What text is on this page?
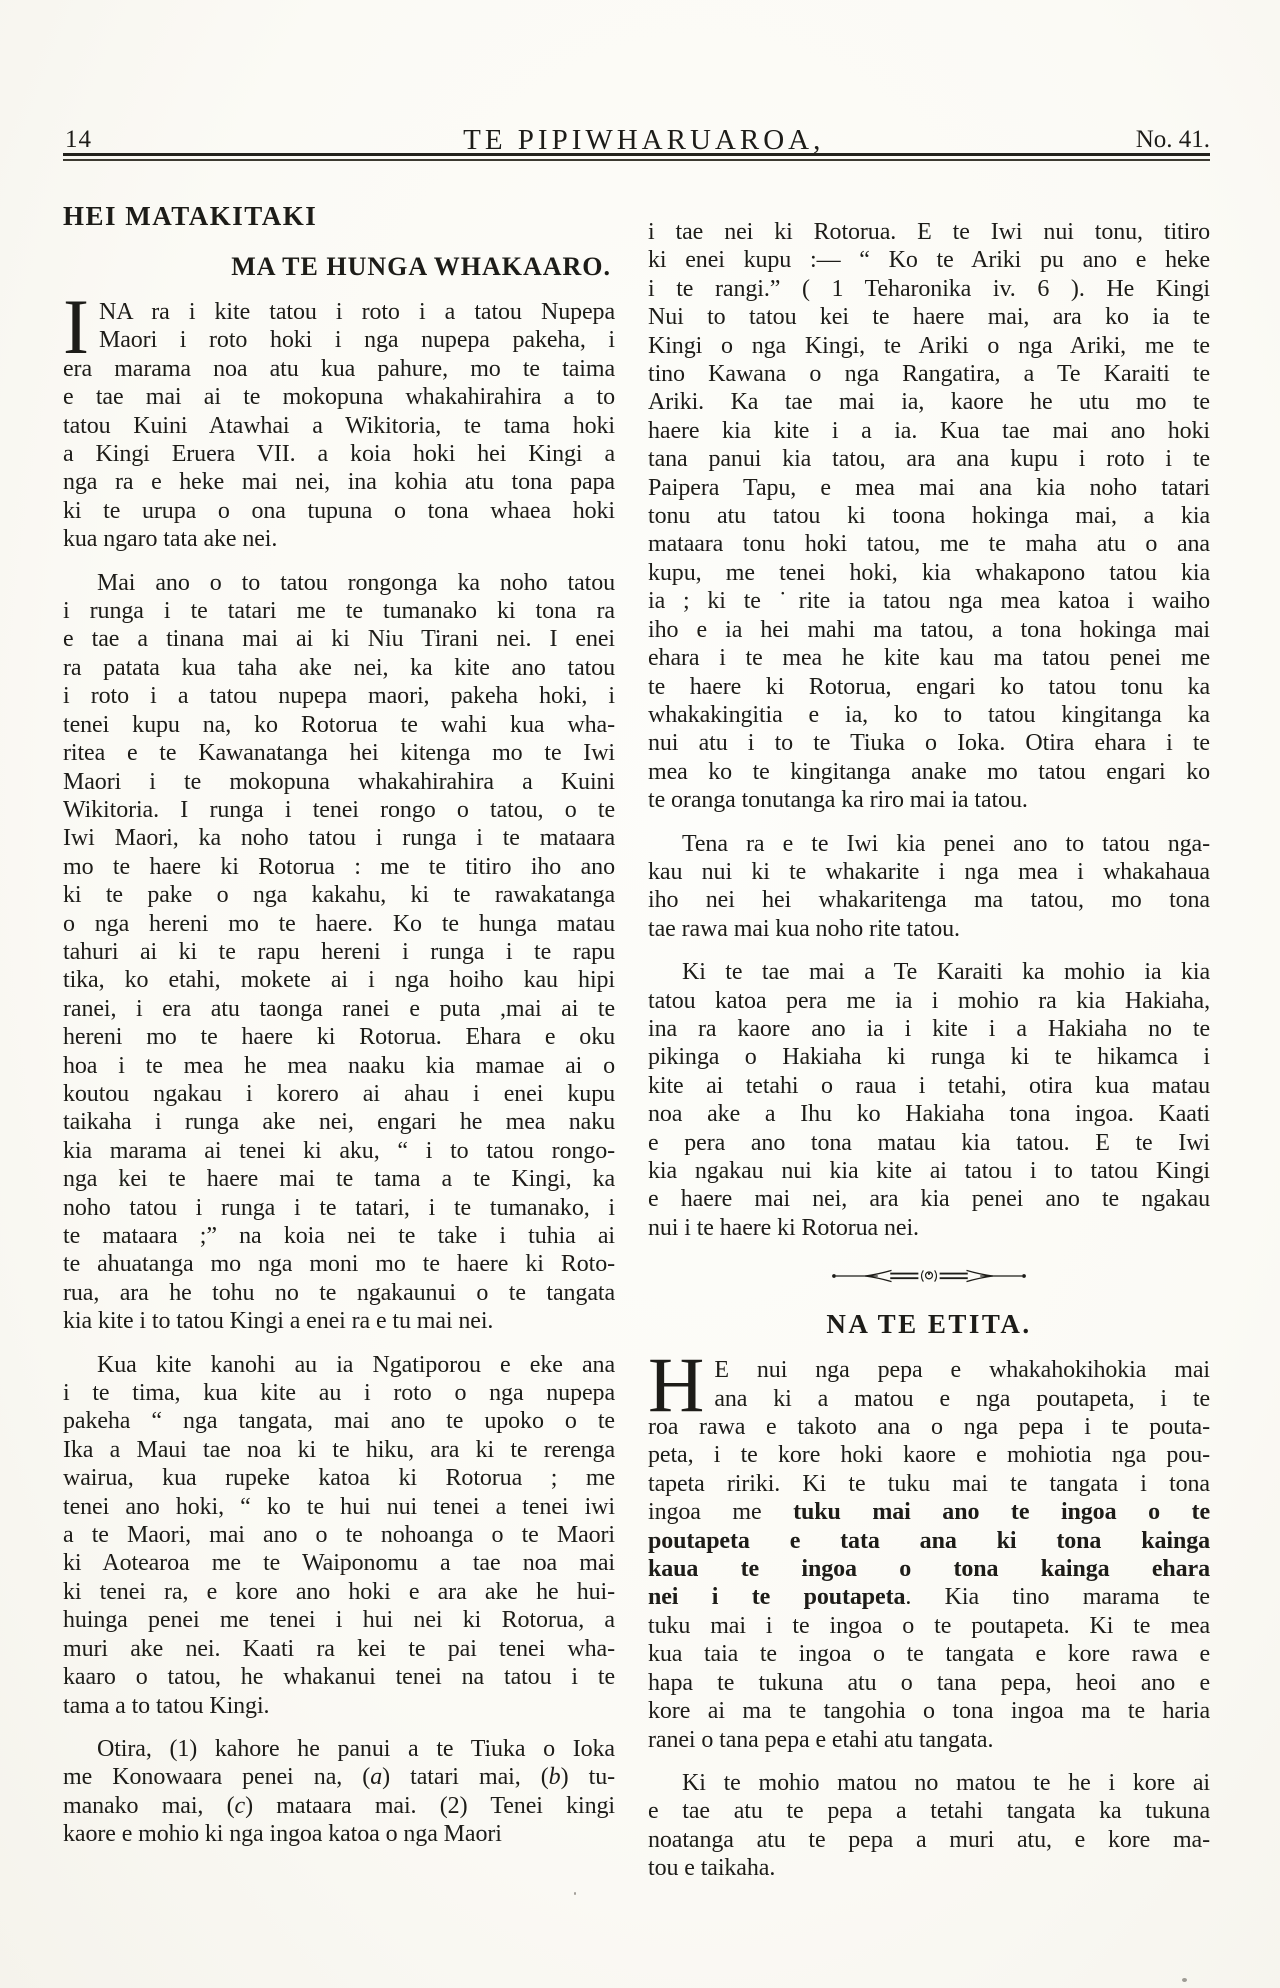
14	TE PIPIWHARUAROA,	No. 41.
HEI MATAKITAKI
MA TE HUNGA WHAKAARO.
I NA ra i kite tatou i roto i a tatou Nupepa
Maori i roto hoki i nga nupepa pakeha, i
era marama noa atu kua pahure, mo te taima
e tae mai ai te mokopuna whakahirahira a to
tatou Kuini Atawhai a Wikitoria, te tama hoki
a Kingi Eruera VII. a koia hoki hei Kingi a
nga ra e heke mai nei, ina kohia atu tona papa
ki te urupa o ona tupuna o tona whaea hoki
kua ngaro tata ake nei.
Mai ano o to tatou rongonga ka noho tatou
i runga i te tatari me te tumanako ki tona ra
e tae a tinana mai ai ki Niu Tirani nei. I enei
ra patata kua taha ake nei, ka kite ano tatou
i roto i a tatou nupepa maori, pakeha hoki, i
tenei kupu na, ko Rotorua te wahi kua wha-
ritea e te Kawanatanga hei kitenga mo te Iwi
Maori i te mokopuna whakahirahira a Kuini
Wikitoria. I runga i tenei rongo o tatou, o te
Iwi Maori, ka noho tatou i runga i te mataara
mo te haere ki Rotorua : me te titiro iho ano
ki te pake o nga kakahu, ki te rawakatanga
o nga hereni mo te haere. Ko te hunga matau
tahuri ai ki te rapu hereni i runga i te rapu
tika, ko etahi, mokete ai i nga hoiho kau hipi
ranei, i era atu taonga ranei e puta ,mai ai te
hereni mo te haere ki Rotorua. Ehara e oku
hoa i te mea he mea naaku kia mamae ai o
koutou ngakau i korero ai ahau i enei kupu
taikaha i runga ake nei, engari he mea naku
kia marama ai tenei ki aku, “ i to tatou rongo-
nga kei te haere mai te tama a te Kingi, ka
noho tatou i runga i te tatari, i te tumanako, i
te mataara ;” na koia nei te take i tuhia ai
te ahuatanga mo nga moni mo te haere ki Roto-
rua, ara he tohu no te ngakaunui o te tangata
kia kite i to tatou Kingi a enei ra e tu mai nei.
Kua kite kanohi au ia Ngatiporou e eke ana
i te tima, kua kite au i roto o nga nupepa
pakeha “ nga tangata, mai ano te upoko o te
Ika a Maui tae noa ki te hiku, ara ki te rerenga
wairua, kua rupeke katoa ki Rotorua ; me
tenei ano hoki, “ ko te hui nui tenei a tenei iwi
a te Maori, mai ano o te nohoanga o te Maori
ki Aotearoa me te Waiponomu a tae noa mai
ki tenei ra, e kore ano hoki e ara ake he hui-
huinga penei me tenei i hui nei ki Rotorua, a
muri ake nei. Kaati ra kei te pai tenei wha-
kaaro o tatou, he whakanui tenei na tatou i te
tama a to tatou Kingi.
Otira, (1) kahore he panui a te Tiuka o Ioka
me Konowaara penei na, (a) tatari mai, (b) tu-
manako mai, (c) mataara mai. (2) Tenei kingi
kaore e mohio ki nga ingoa katoa o nga Maori
i tae nei ki Rotorua. E te Iwi nui tonu, titiro
ki enei kupu :— “ Ko te Ariki pu ano e heke
i te rangi.” ( 1 Teharonika iv. 6 ). He Kingi
Nui to tatou kei te haere mai, ara ko ia te
Kingi o nga Kingi, te Ariki o nga Ariki, me te
tino Kawana o nga Rangatira, a Te Karaiti te
Ariki. Ka tae mai ia, kaore he utu mo te
haere kia kite i a ia. Kua tae mai ano hoki
tana panui kia tatou, ara ana kupu i roto i te
Paipera Tapu, e mea mai ana kia noho tatari
tonu atu tatou ki toona hokinga mai, a kia
mataara tonu hoki tatou, me te maha atu o ana
kupu, me tenei hoki, kia whakapono tatou kia
ia ; ki te ˙rite ia tatou nga mea katoa i waiho
iho e ia hei mahi ma tatou, a tona hokinga mai
ehara i te mea he kite kau ma tatou penei me
te haere ki Rotorua, engari ko tatou tonu ka
whakakingitia e ia, ko to tatou kingitanga ka
nui atu i to te Tiuka o Ioka. Otira ehara i te
mea ko te kingitanga anake mo tatou engari ko
te oranga tonutanga ka riro mai ia tatou.
Tena ra e te Iwi kia penei ano to tatou nga-
kau nui ki te whakarite i nga mea i whakahaua
iho nei hei whakaritenga ma tatou, mo tona
tae rawa mai kua noho rite tatou.
Ki te tae mai a Te Karaiti ka mohio ia kia
tatou katoa pera me ia i mohio ra kia Hakiaha,
ina ra kaore ano ia i kite i a Hakiaha no te
pikinga o Hakiaha ki runga ki te hikamca i
kite ai tetahi o raua i tetahi, otira kua matau
noa ake a Ihu ko Hakiaha tona ingoa. Kaati
e pera ano tona matau kia tatou. E te Iwi
kia ngakau nui kia kite ai tatou i to tatou Kingi
e haere mai nei, ara kia penei ano te ngakau
nui i te haere ki Rotorua nei.
NA TE ETITA.
H E nui nga pepa e whakahokihokia mai
ana ki a matou e nga poutapeta, i te
roa rawa e takoto ana o nga pepa i te pouta-
peta, i te kore hoki kaore e mohiotia nga pou-
tapeta ririki. Ki te tuku mai te tangata i tona
ingoa me tuku mai ano te ingoa o te
poutapeta e tata ana ki tona kainga
kaua te ingoa o tona kainga ehara
nei i te poutapeta. Kia tino marama te
tuku mai i te ingoa o te poutapeta. Ki te mea
kua taia te ingoa o te tangata e kore rawa e
hapa te tukuna atu o tana pepa, heoi ano e
kore ai ma te tangohia o tona ingoa ma te haria
ranei o tana pepa e etahi atu tangata.
Ki te mohio matou no matou te he i kore ai
e tae atu te pepa a tetahi tangata ka tukuna
noatanga atu te pepa a muri atu, e kore ma-
tou e taikaha.
